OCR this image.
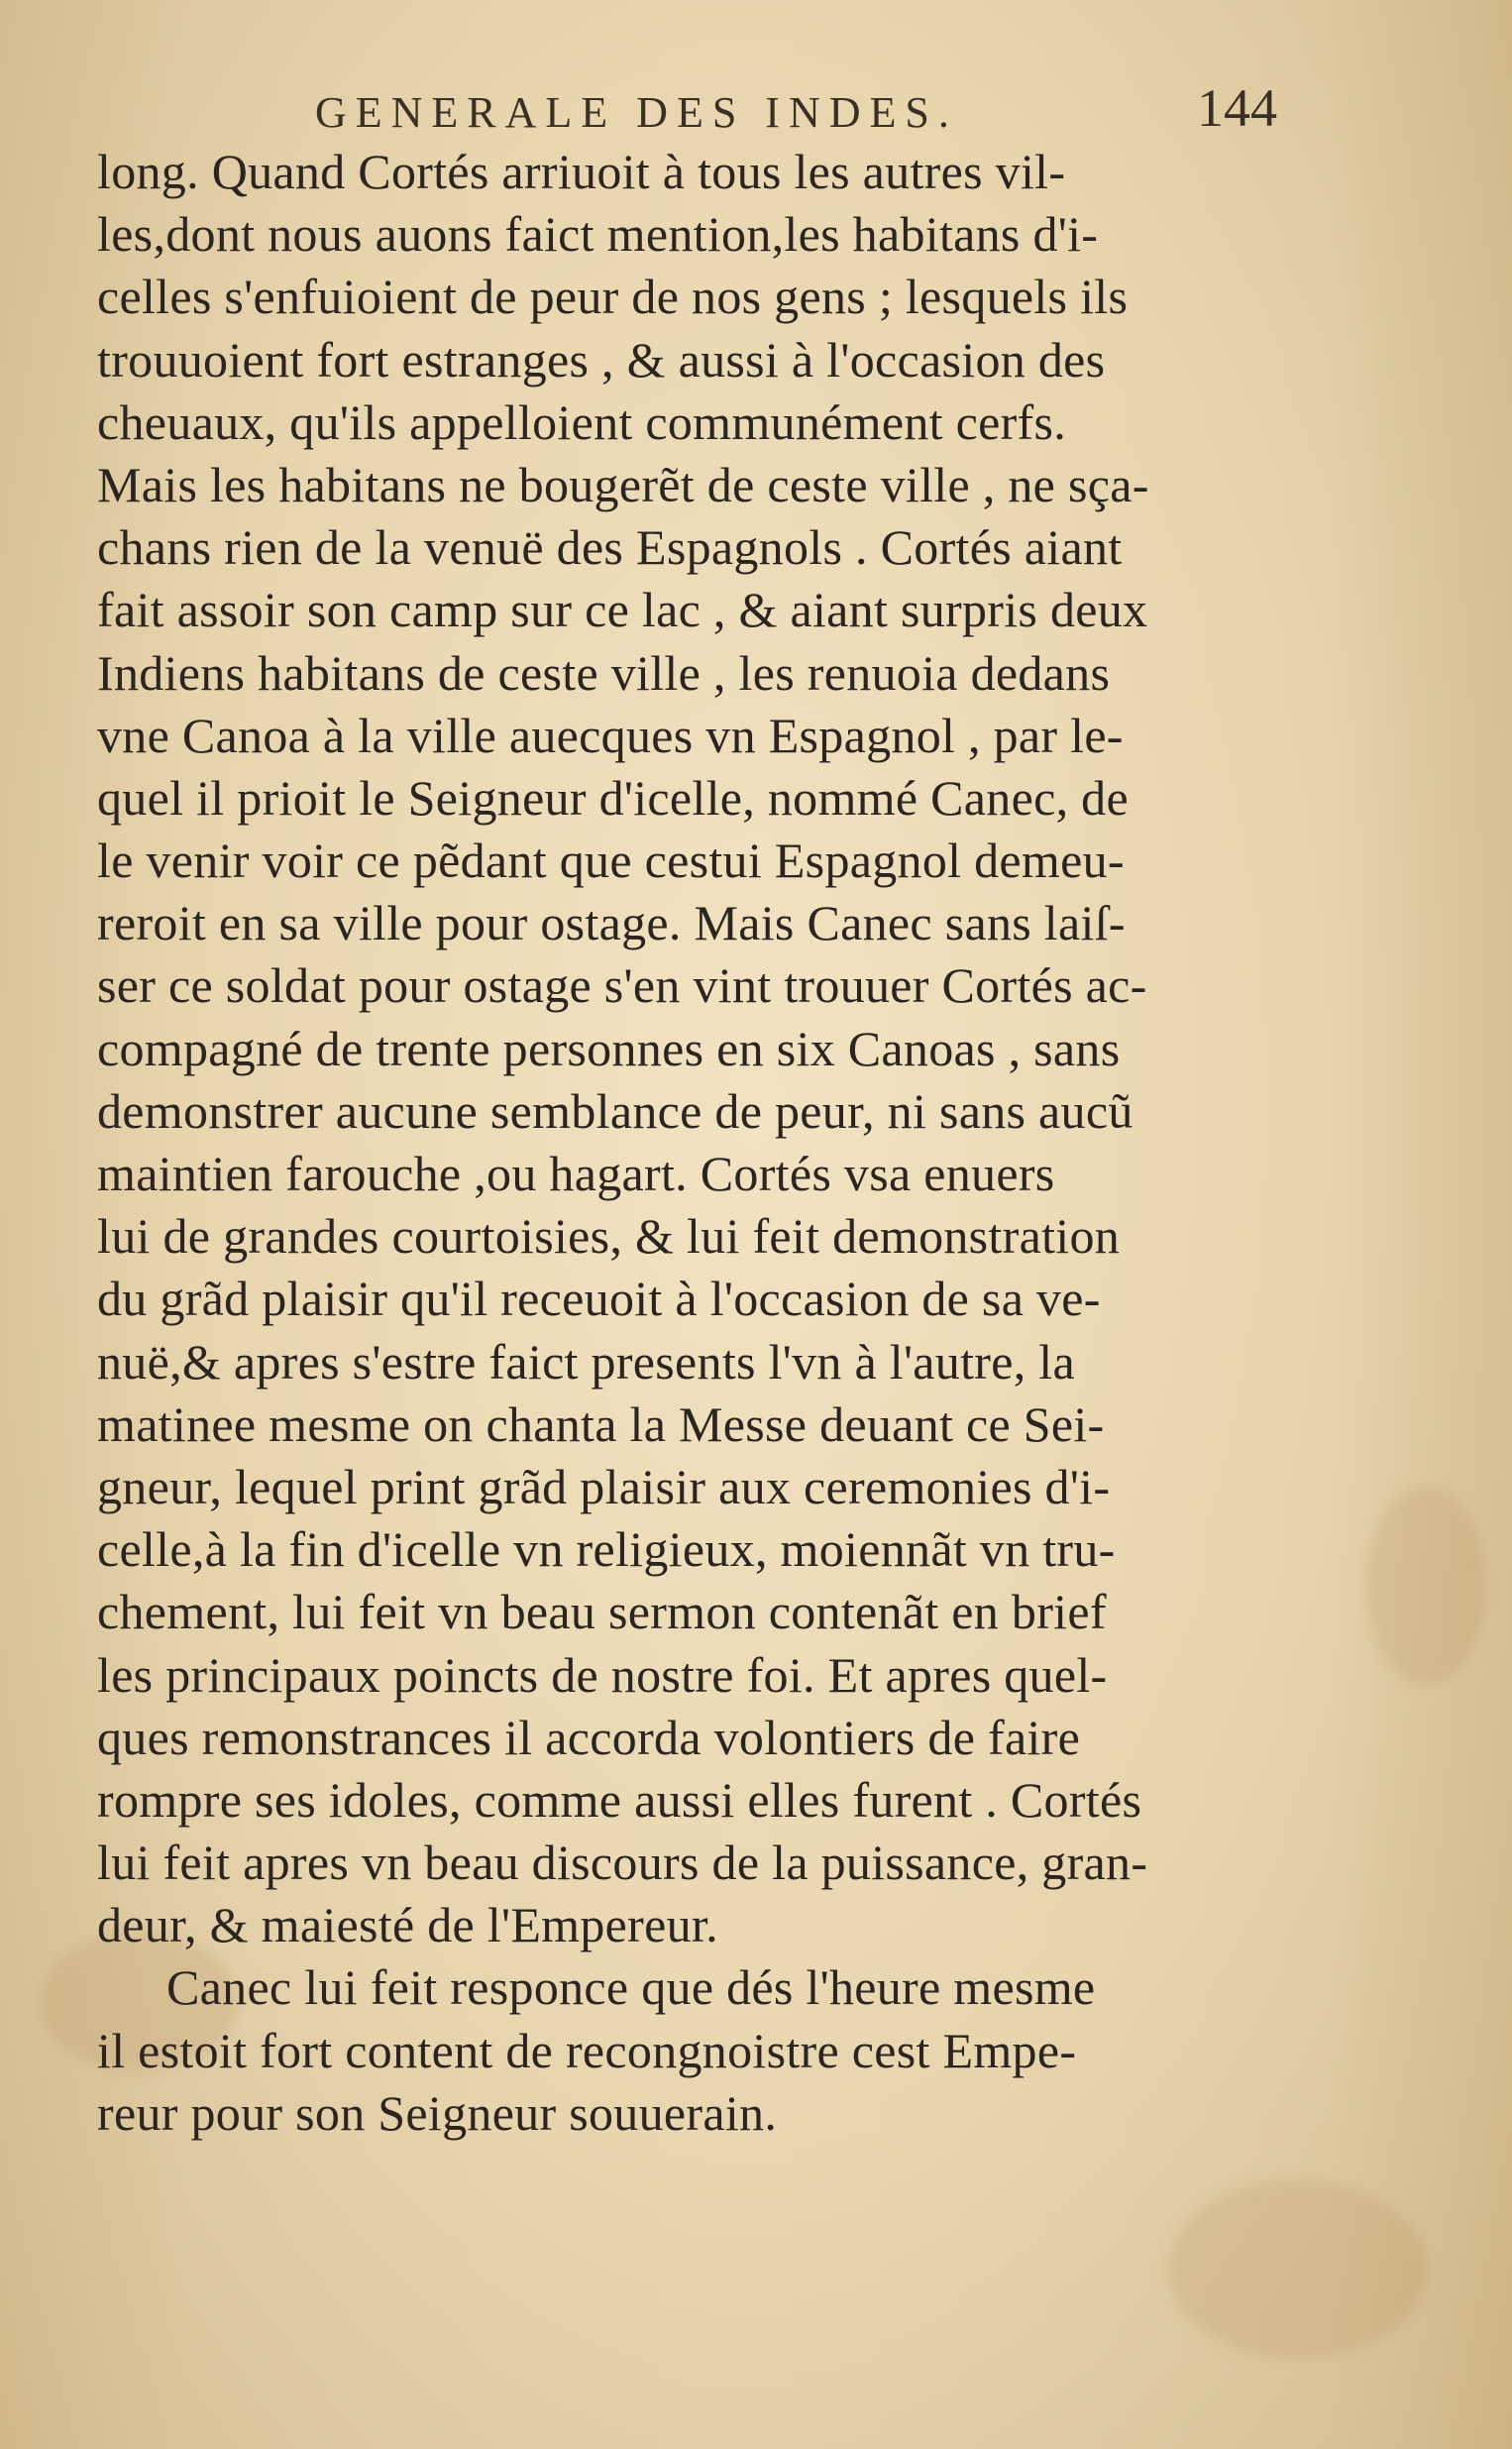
GENERALE DES INDES.	144
long. Quand Cortés arriuoit à tous les autres vil-
les,dont nous auons faict mention,les habitans d'i-
celles s'enfuioient de peur de nos gens ; lesquels ils
trouuoient fort estranges , & aussi à l'occasion des
cheuaux, qu'ils appelloient communément cerfs.
Mais les habitans ne bougerẽt de ceste ville , ne sça-
chans rien de la venuë des Espagnols . Cortés aiant
fait assoir son camp sur ce lac , & aiant surpris deux
Indiens habitans de ceste ville , les renuoia dedans
vne Canoa à la ville auecques vn Espagnol , par le-
quel il prioit le Seigneur d'icelle, nommé Canec, de
le venir voir ce pẽdant que cestui Espagnol demeu-
reroit en sa ville pour ostage. Mais Canec sans laiſ-
ser ce soldat pour ostage s'en vint trouuer Cortés ac-
compagné de trente personnes en six Canoas , sans
demonstrer aucune semblance de peur, ni sans aucũ
maintien farouche ,ou hagart. Cortés vsa enuers
lui de grandes courtoisies, & lui feit demonstration
du grãd plaisir qu'il receuoit à l'occasion de sa ve-
nuë,& apres s'estre faict presents l'vn à l'autre, la
matinee mesme on chanta la Messe deuant ce Sei-
gneur, lequel print grãd plaisir aux ceremonies d'i-
celle,à la fin d'icelle vn religieux, moiennãt vn tru-
chement, lui feit vn beau sermon contenãt en brief
les principaux poincts de nostre foi. Et apres quel-
ques remonstrances il accorda volontiers de faire
rompre ses idoles, comme aussi elles furent . Cortés
lui feit apres vn beau discours de la puissance, gran-
deur, & maiesté de l'Empereur.
Canec lui feit responce que dés l'heure mesme
il estoit fort content de recongnoistre cest Empe-
reur pour son Seigneur souuerain.
